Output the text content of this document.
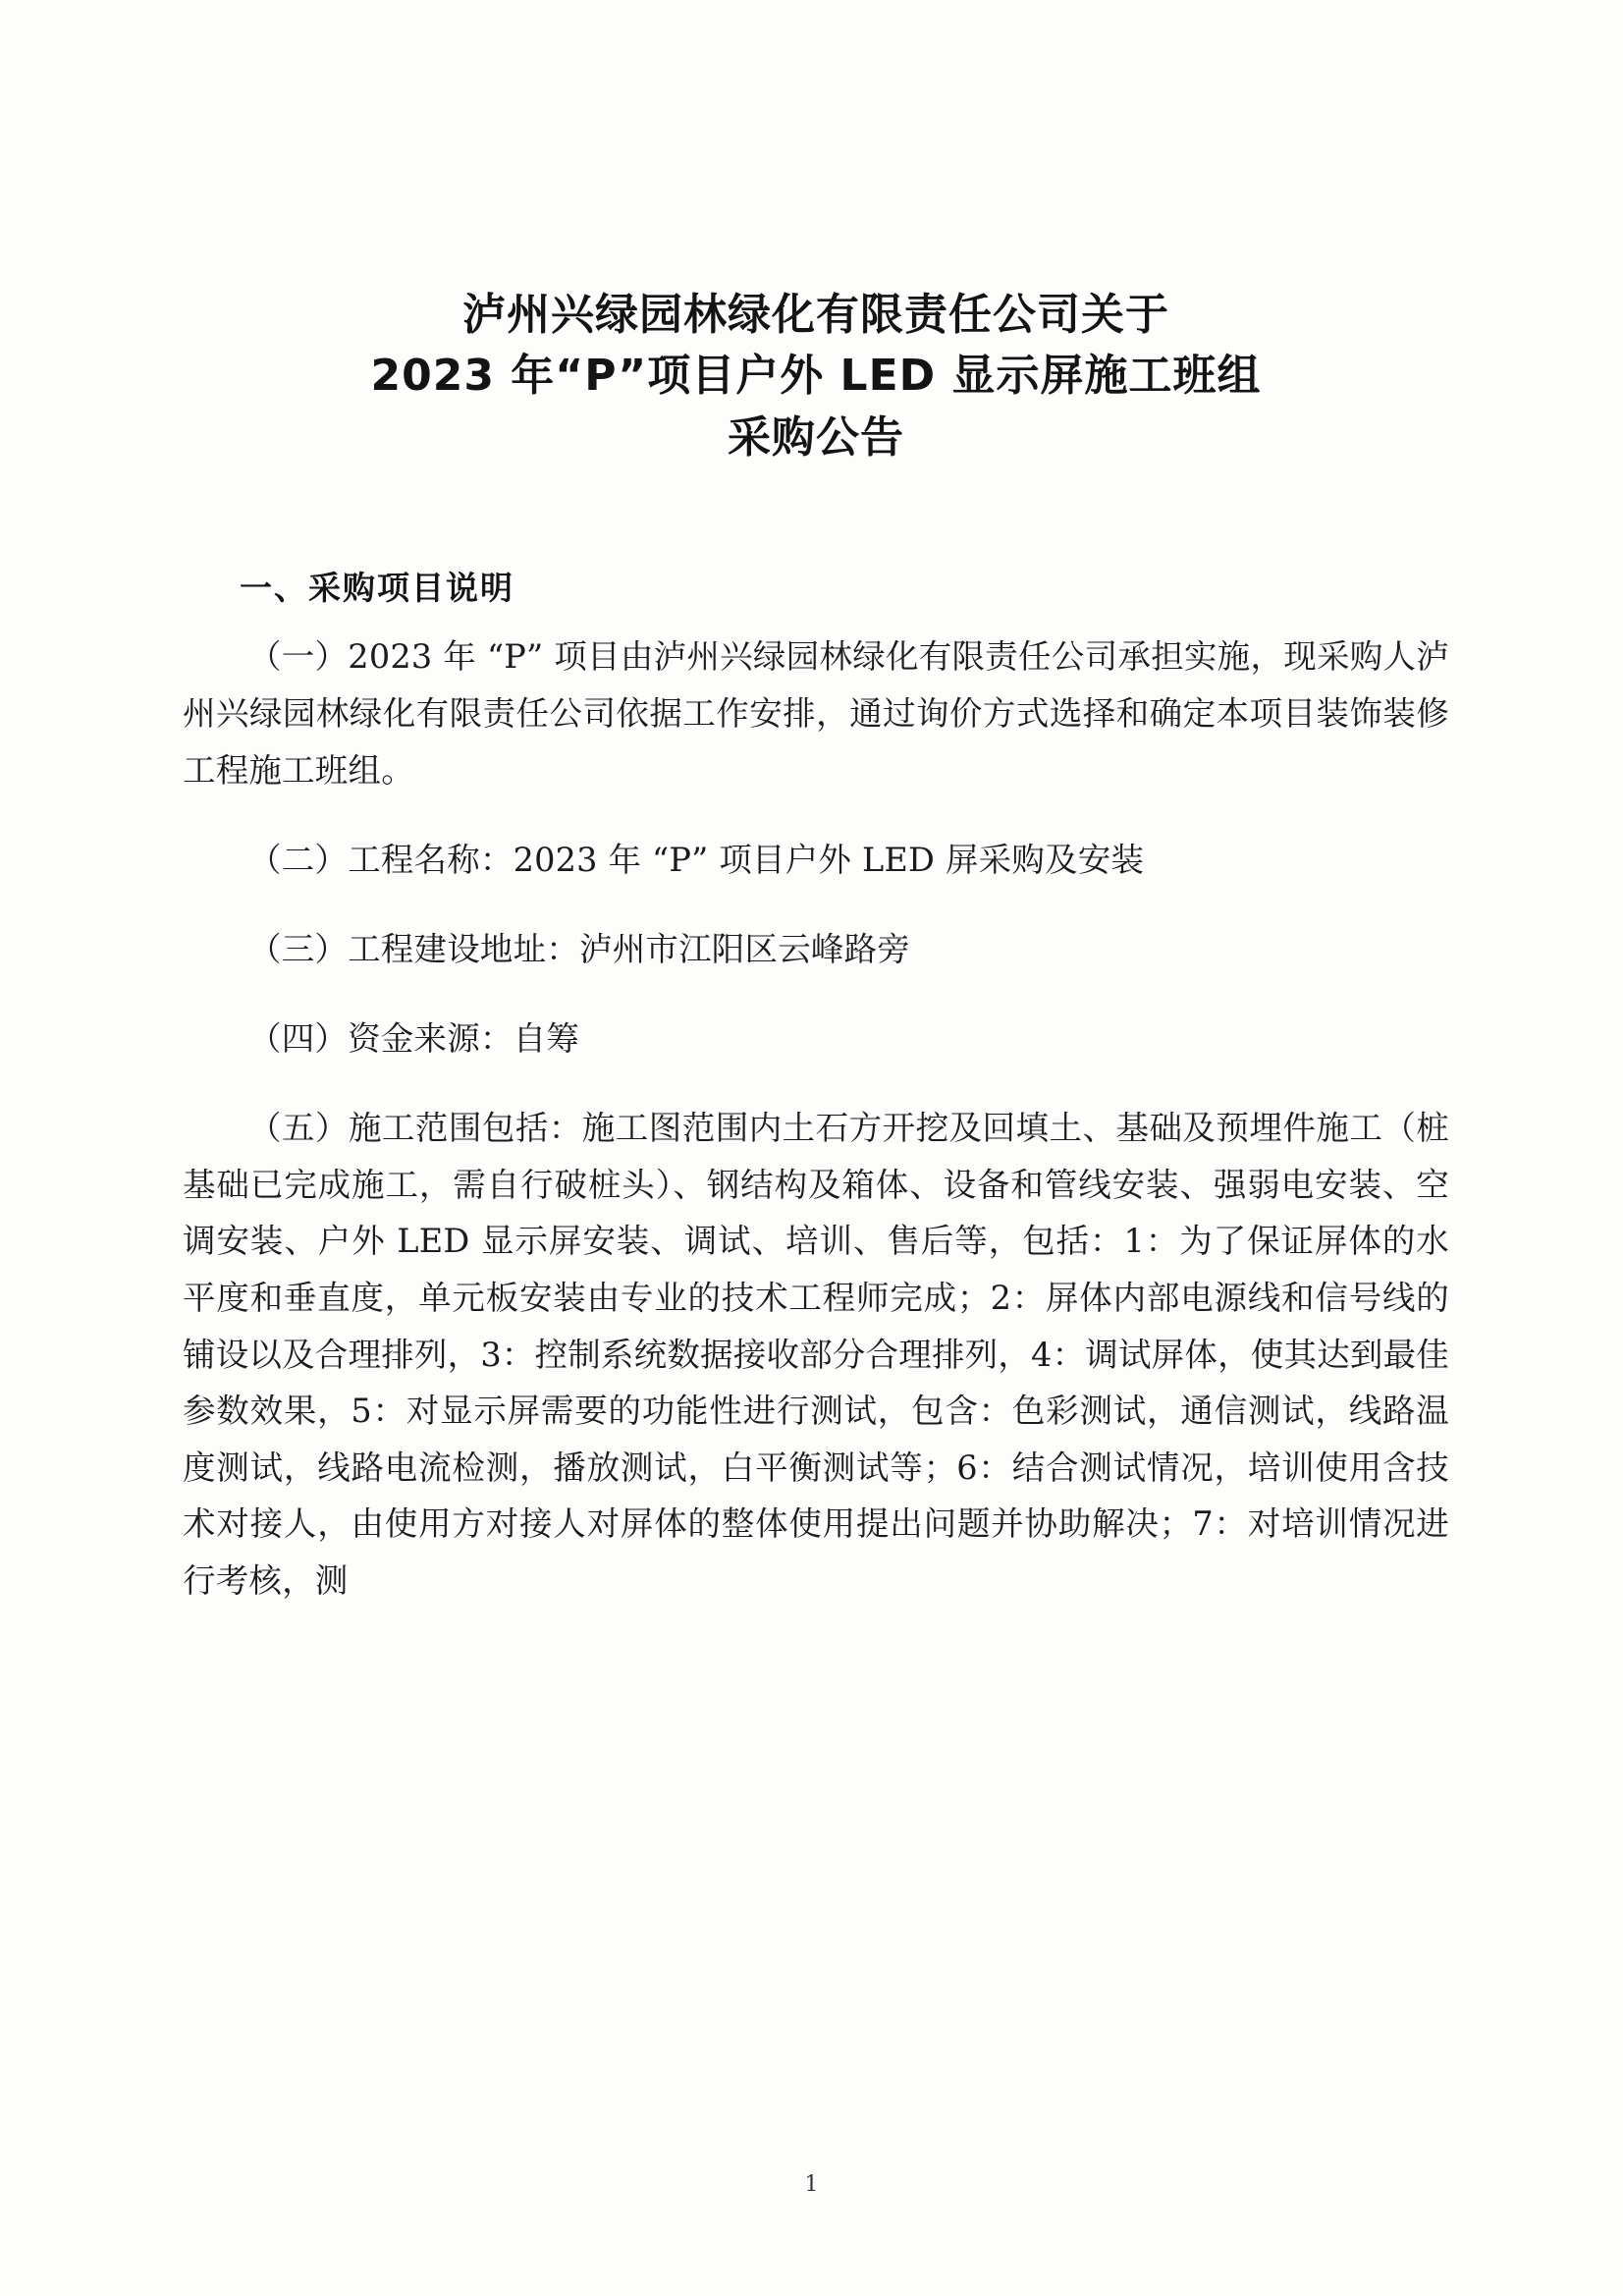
泸州兴绿园林绿化有限责任公司关于
2023 年“P”项目户外 LED 显示屏施工班组
采购公告
一、采购项目说明

（一）2023 年 “P” 项目由泸州兴绿园林绿化有限责任公司承担实施，现采购人泸州兴绿园林绿化有限责任公司依据工作安排，通过询价方式选择和确定本项目装饰装修工程施工班组。

（二）工程名称：2023 年 “P” 项目户外 LED 屏采购及安装

（三）工程建设地址：泸州市江阳区云峰路旁

（四）资金来源：自筹

（五）施工范围包括：施工图范围内土石方开挖及回填土、基础及预埋件施工（桩基础已完成施工，需自行破桩头）、钢结构及箱体、设备和管线安装、强弱电安装、空调安装、户外 LED 显示屏安装、调试、培训、售后等，包括：1：为了保证屏体的水平度和垂直度，单元板安装由专业的技术工程师完成；2：屏体内部电源线和信号线的铺设以及合理排列，3：控制系统数据接收部分合理排列，4：调试屏体，使其达到最佳参数效果，5：对显示屏需要的功能性进行测试，包含：色彩测试，通信测试，线路温度测试，线路电流检测，播放测试，白平衡测试等；6：结合测试情况，培训使用含技术对接人，由使用方对接人对屏体的整体使用提出问题并协助解决；7：对培训情况进行考核，测

1
